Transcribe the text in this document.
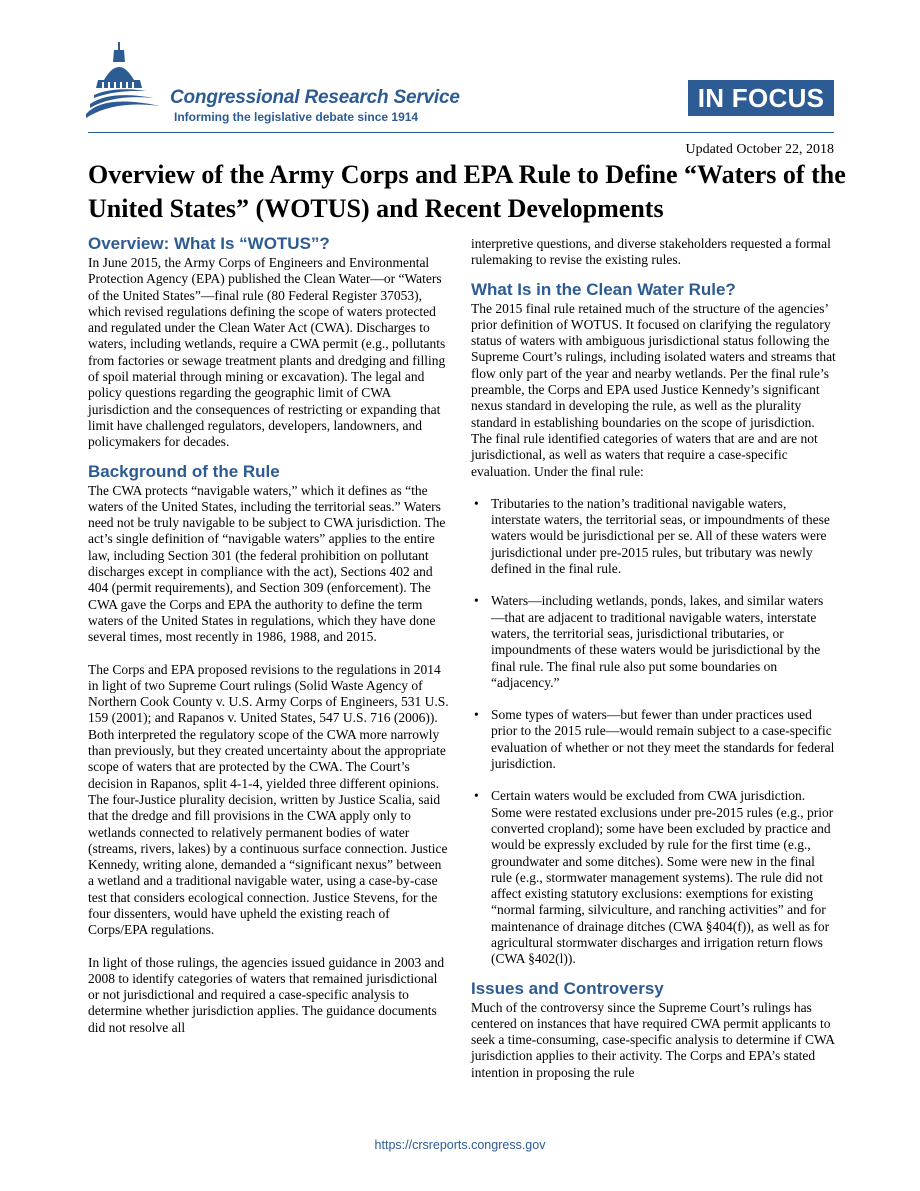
Congressional Research Service
Informing the legislative debate since 1914
IN FOCUS
Updated October 22, 2018
Overview of the Army Corps and EPA Rule to Define “Waters of the United States” (WOTUS) and Recent Developments
Overview: What Is “WOTUS”?

In June 2015, the Army Corps of Engineers and Environmental Protection Agency (EPA) published the Clean Water—or “Waters of the United States”—final rule (80 Federal Register 37053), which revised regulations defining the scope of waters protected and regulated under the Clean Water Act (CWA). Discharges to waters, including wetlands, require a CWA permit (e.g., pollutants from factories or sewage treatment plants and dredging and filling of spoil material through mining or excavation). The legal and policy questions regarding the geographic limit of CWA jurisdiction and the consequences of restricting or expanding that limit have challenged regulators, developers, landowners, and policymakers for decades.

Background of the Rule

The CWA protects “navigable waters,” which it defines as “the waters of the United States, including the territorial seas.” Waters need not be truly navigable to be subject to CWA jurisdiction. The act’s single definition of “navigable waters” applies to the entire law, including Section 301 (the federal prohibition on pollutant discharges except in compliance with the act), Sections 402 and 404 (permit requirements), and Section 309 (enforcement). The CWA gave the Corps and EPA the authority to define the term waters of the United States in regulations, which they have done several times, most recently in 1986, 1988, and 2015.

The Corps and EPA proposed revisions to the regulations in 2014 in light of two Supreme Court rulings (Solid Waste Agency of Northern Cook County v. U.S. Army Corps of Engineers, 531 U.S. 159 (2001); and Rapanos v. United States, 547 U.S. 716 (2006)). Both interpreted the regulatory scope of the CWA more narrowly than previously, but they created uncertainty about the appropriate scope of waters that are protected by the CWA. The Court’s decision in Rapanos, split 4-1-4, yielded three different opinions. The four-Justice plurality decision, written by Justice Scalia, said that the dredge and fill provisions in the CWA apply only to wetlands connected to relatively permanent bodies of water (streams, rivers, lakes) by a continuous surface connection. Justice Kennedy, writing alone, demanded a “significant nexus” between a wetland and a traditional navigable water, using a case-by-case test that considers ecological connection. Justice Stevens, for the four dissenters, would have upheld the existing reach of Corps/EPA regulations.

In light of those rulings, the agencies issued guidance in 2003 and 2008 to identify categories of waters that remained jurisdictional or not jurisdictional and required a case-specific analysis to determine whether jurisdiction applies. The guidance documents did not resolve all

interpretive questions, and diverse stakeholders requested a formal rulemaking to revise the existing rules.

What Is in the Clean Water Rule?

The 2015 final rule retained much of the structure of the agencies’ prior definition of WOTUS. It focused on clarifying the regulatory status of waters with ambiguous jurisdictional status following the Supreme Court’s rulings, including isolated waters and streams that flow only part of the year and nearby wetlands. Per the final rule’s preamble, the Corps and EPA used Justice Kennedy’s significant nexus standard in developing the rule, as well as the plurality standard in establishing boundaries on the scope of jurisdiction. The final rule identified categories of waters that are and are not jurisdictional, as well as waters that require a case-specific evaluation. Under the final rule:

• Tributaries to the nation’s traditional navigable waters, interstate waters, the territorial seas, or impoundments of these waters would be jurisdictional per se. All of these waters were jurisdictional under pre-2015 rules, but tributary was newly defined in the final rule.
• Waters—including wetlands, ponds, lakes, and similar waters—that are adjacent to traditional navigable waters, interstate waters, the territorial seas, jurisdictional tributaries, or impoundments of these waters would be jurisdictional by the final rule. The final rule also put some boundaries on “adjacency.”
• Some types of waters—but fewer than under practices used prior to the 2015 rule—would remain subject to a case-specific evaluation of whether or not they meet the standards for federal jurisdiction.
• Certain waters would be excluded from CWA jurisdiction. Some were restated exclusions under pre-2015 rules (e.g., prior converted cropland); some have been excluded by practice and would be expressly excluded by rule for the first time (e.g., groundwater and some ditches). Some were new in the final rule (e.g., stormwater management systems). The rule did not affect existing statutory exclusions: exemptions for existing “normal farming, silviculture, and ranching activities” and for maintenance of drainage ditches (CWA §404(f)), as well as for agricultural stormwater discharges and irrigation return flows (CWA §402(l)).
Issues and Controversy

Much of the controversy since the Supreme Court’s rulings has centered on instances that have required CWA permit applicants to seek a time-consuming, case-specific analysis to determine if CWA jurisdiction applies to their activity. The Corps and EPA’s stated intention in proposing the rule

https://crsreports.congress.gov
